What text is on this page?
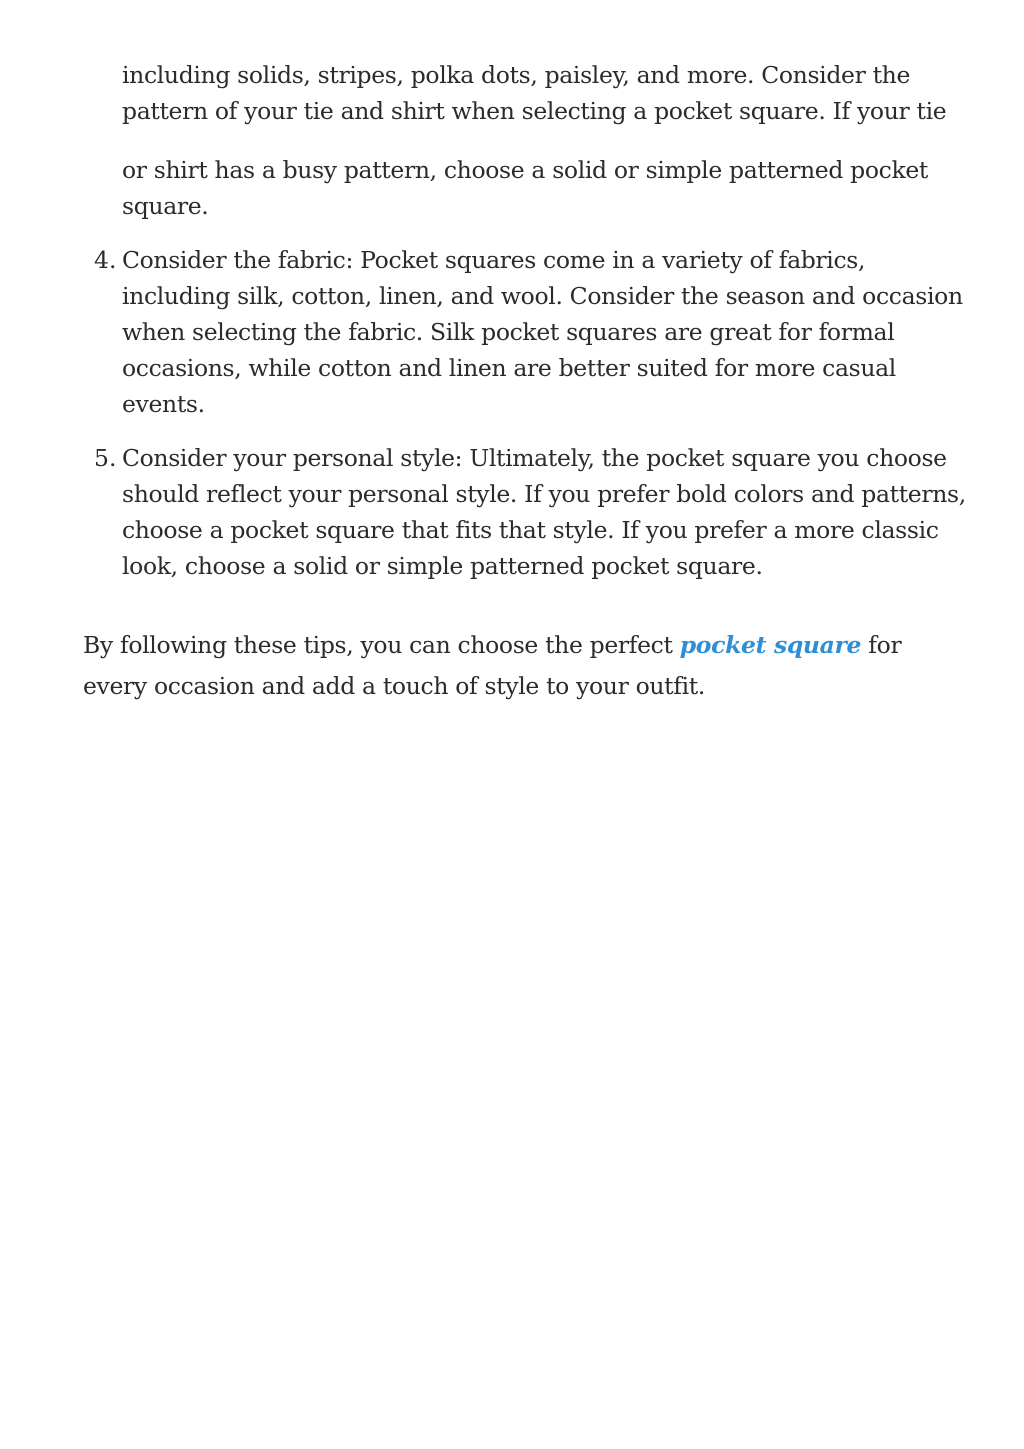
including solids, stripes, polka dots, paisley, and more. Consider the
pattern of your tie and shirt when selecting a pocket square. If your tie
or shirt has a busy pattern, choose a solid or simple patterned pocket
square.
4. Consider the fabric: Pocket squares come in a variety of fabrics,
including silk, cotton, linen, and wool. Consider the season and occasion
when selecting the fabric. Silk pocket squares are great for formal
occasions, while cotton and linen are better suited for more casual
events.
5. Consider your personal style: Ultimately, the pocket square you choose
should reflect your personal style. If you prefer bold colors and patterns,
choose a pocket square that fits that style. If you prefer a more classic
look, choose a solid or simple patterned pocket square.
By following these tips, you can choose the perfect pocket square for
every occasion and add a touch of style to your outfit.
